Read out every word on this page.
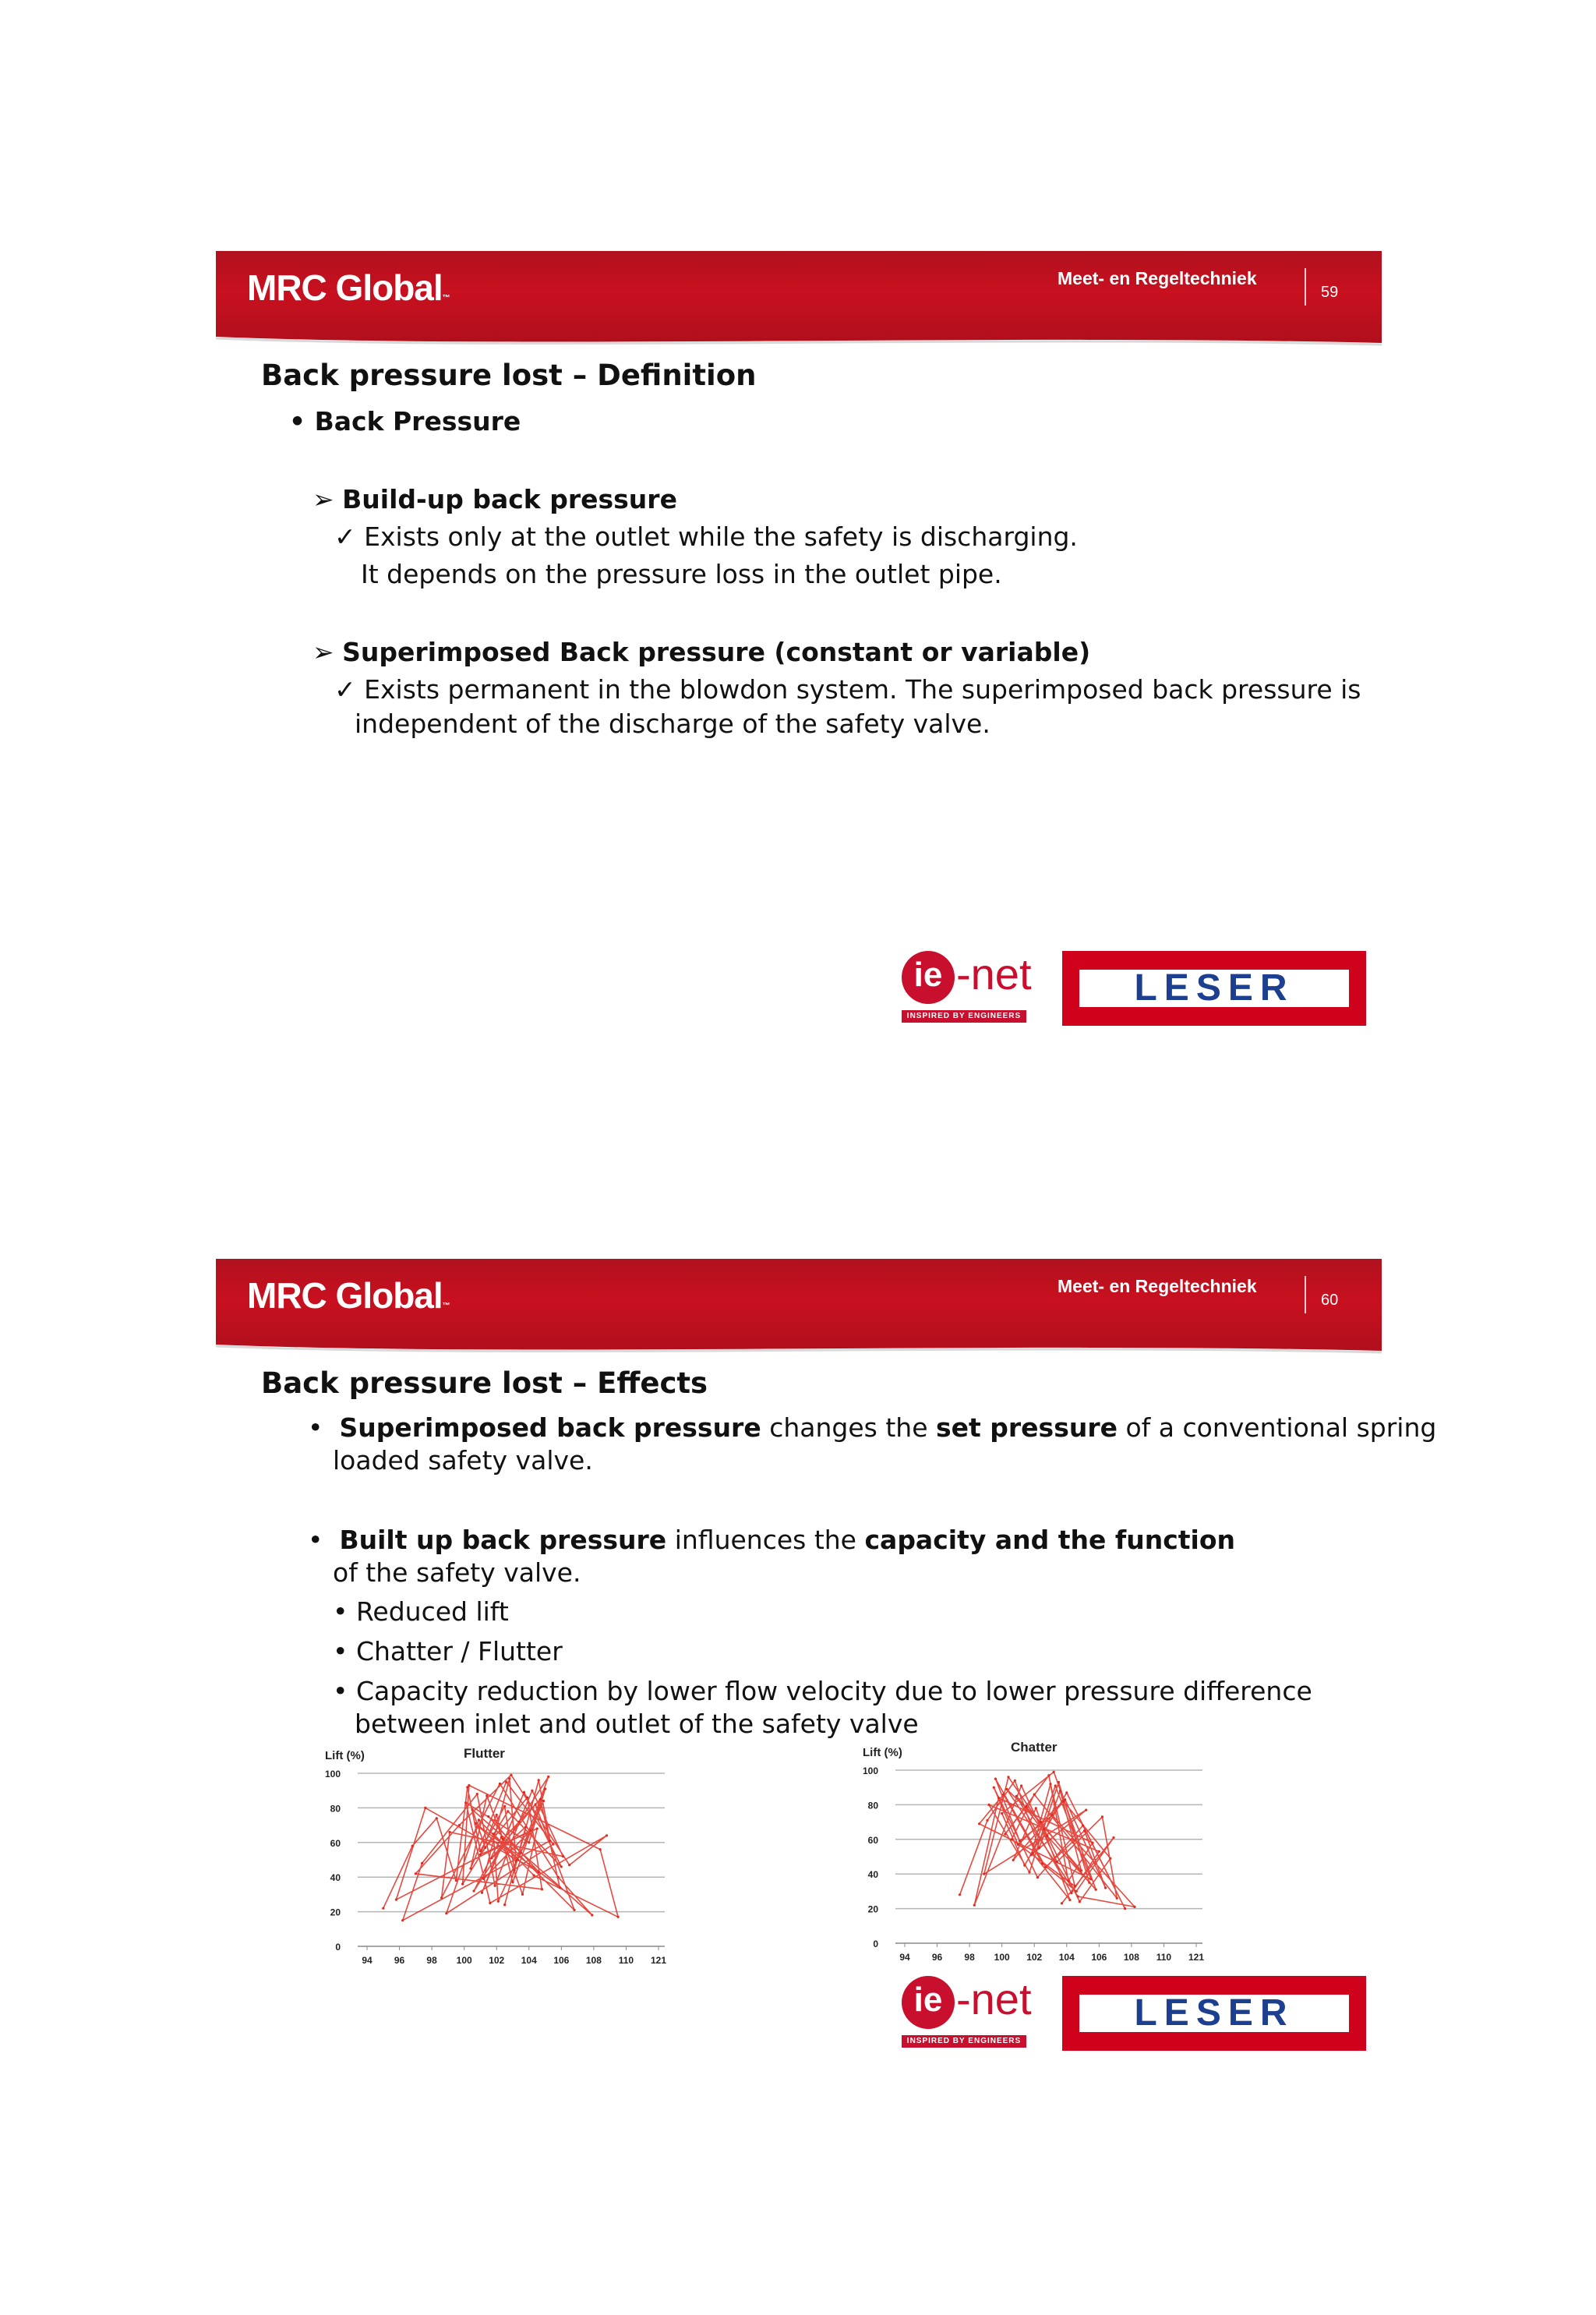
MRC Global™
Meet- en Regeltechniek
59
Back pressure lost – Definition
• Back Pressure
➢ Build-up back pressure
✓ Exists only at the outlet while the safety is discharging.
It depends on the pressure loss in the outlet pipe.
➢ Superimposed Back pressure (constant or variable)
✓ Exists permanent in the blowdon system. The superimposed back pressure is
independent of the discharge of the safety valve.
ie -net
INSPIRED BY ENGINEERS
LESER
MRC Global™
Meet- en Regeltechniek
60
Back pressure lost – Effects
• Superimposed back pressure changes the set pressure of a conventional spring
loaded safety valve.
• Built up back pressure influences the capacity and the function
of the safety valve.
• Reduced lift
• Chatter / Flutter
• Capacity reduction by lower flow velocity due to lower pressure difference
between inlet and outlet of the safety valve
Lift (%)	Flutter
0
20
40
60
80
100
94 96 98 100 102 104 106 108 110 121
Lift (%)	Chatter
0
20
40
60
80
100
94 96 98 100 102 104 106 108 110 121
ie -net
INSPIRED BY ENGINEERS
LESER
